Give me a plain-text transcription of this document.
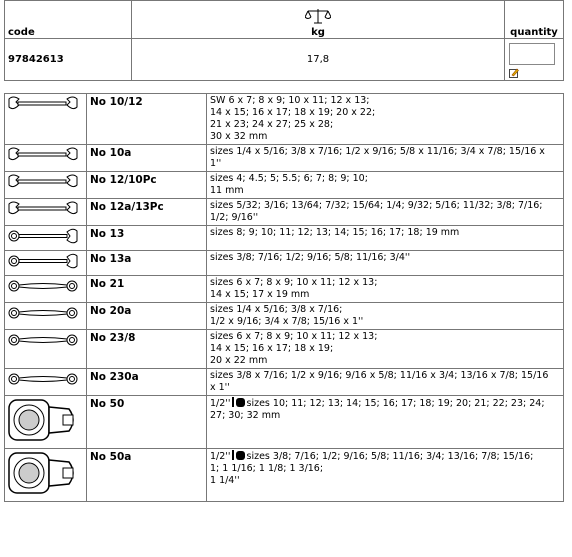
code	kg	quantity
97842613	17,8	
	No 10/12	SW 6 x 7; 8 x 9; 10 x 11; 12 x 13;
14 x 15; 16 x 17; 18 x 19; 20 x 22;
21 x 23; 24 x 27; 25 x 28;
30 x 32 mm

	No 10a	sizes 1/4 x 5/16; 3/8 x 7/16; 1/2 x 9/16; 5/8 x 11/16; 3/4 x 7/8; 15/16 x
1''

	No 12/10Pc	sizes 4; 4.5; 5; 5.5; 6; 7; 8; 9; 10;
11 mm

	No 12a/13Pc	sizes 5/32; 3/16; 13/64; 7/32; 15/64; 1/4; 9/32; 5/16; 11/32; 3/8; 7/16;
1/2; 9/16''

	No 13	sizes 8; 9; 10; 11; 12; 13; 14; 15; 16; 17; 18; 19 mm

	No 13a	sizes 3/8; 7/16; 1/2; 9/16; 5/8; 11/16; 3/4''

	No 21	sizes 6 x 7; 8 x 9; 10 x 11; 12 x 13;
14 x 15; 17 x 19 mm

	No 20a	sizes 1/4 x 5/16; 3/8 x 7/16;
1/2 x 9/16; 3/4 x 7/8; 15/16 x 1''

	No 23/8	sizes 6 x 7; 8 x 9; 10 x 11; 12 x 13;
14 x 15; 16 x 17; 18 x 19;
20 x 22 mm

	No 230a	sizes 3/8 x 7/16; 1/2 x 9/16; 9/16 x 5/8; 11/16 x 3/4; 13/16 x 7/8; 15/16
x 1''

	No 50	1/2'' sizes 10; 11; 12; 13; 14; 15; 16; 17; 18; 19; 20; 21; 22; 23; 24;
27; 30; 32 mm

	No 50a	1/2'' sizes 3/8; 7/16; 1/2; 9/16; 5/8; 11/16; 3/4; 13/16; 7/8; 15/16;
1; 1 1/16; 1 1/8; 1 3/16;
1 1/4''
